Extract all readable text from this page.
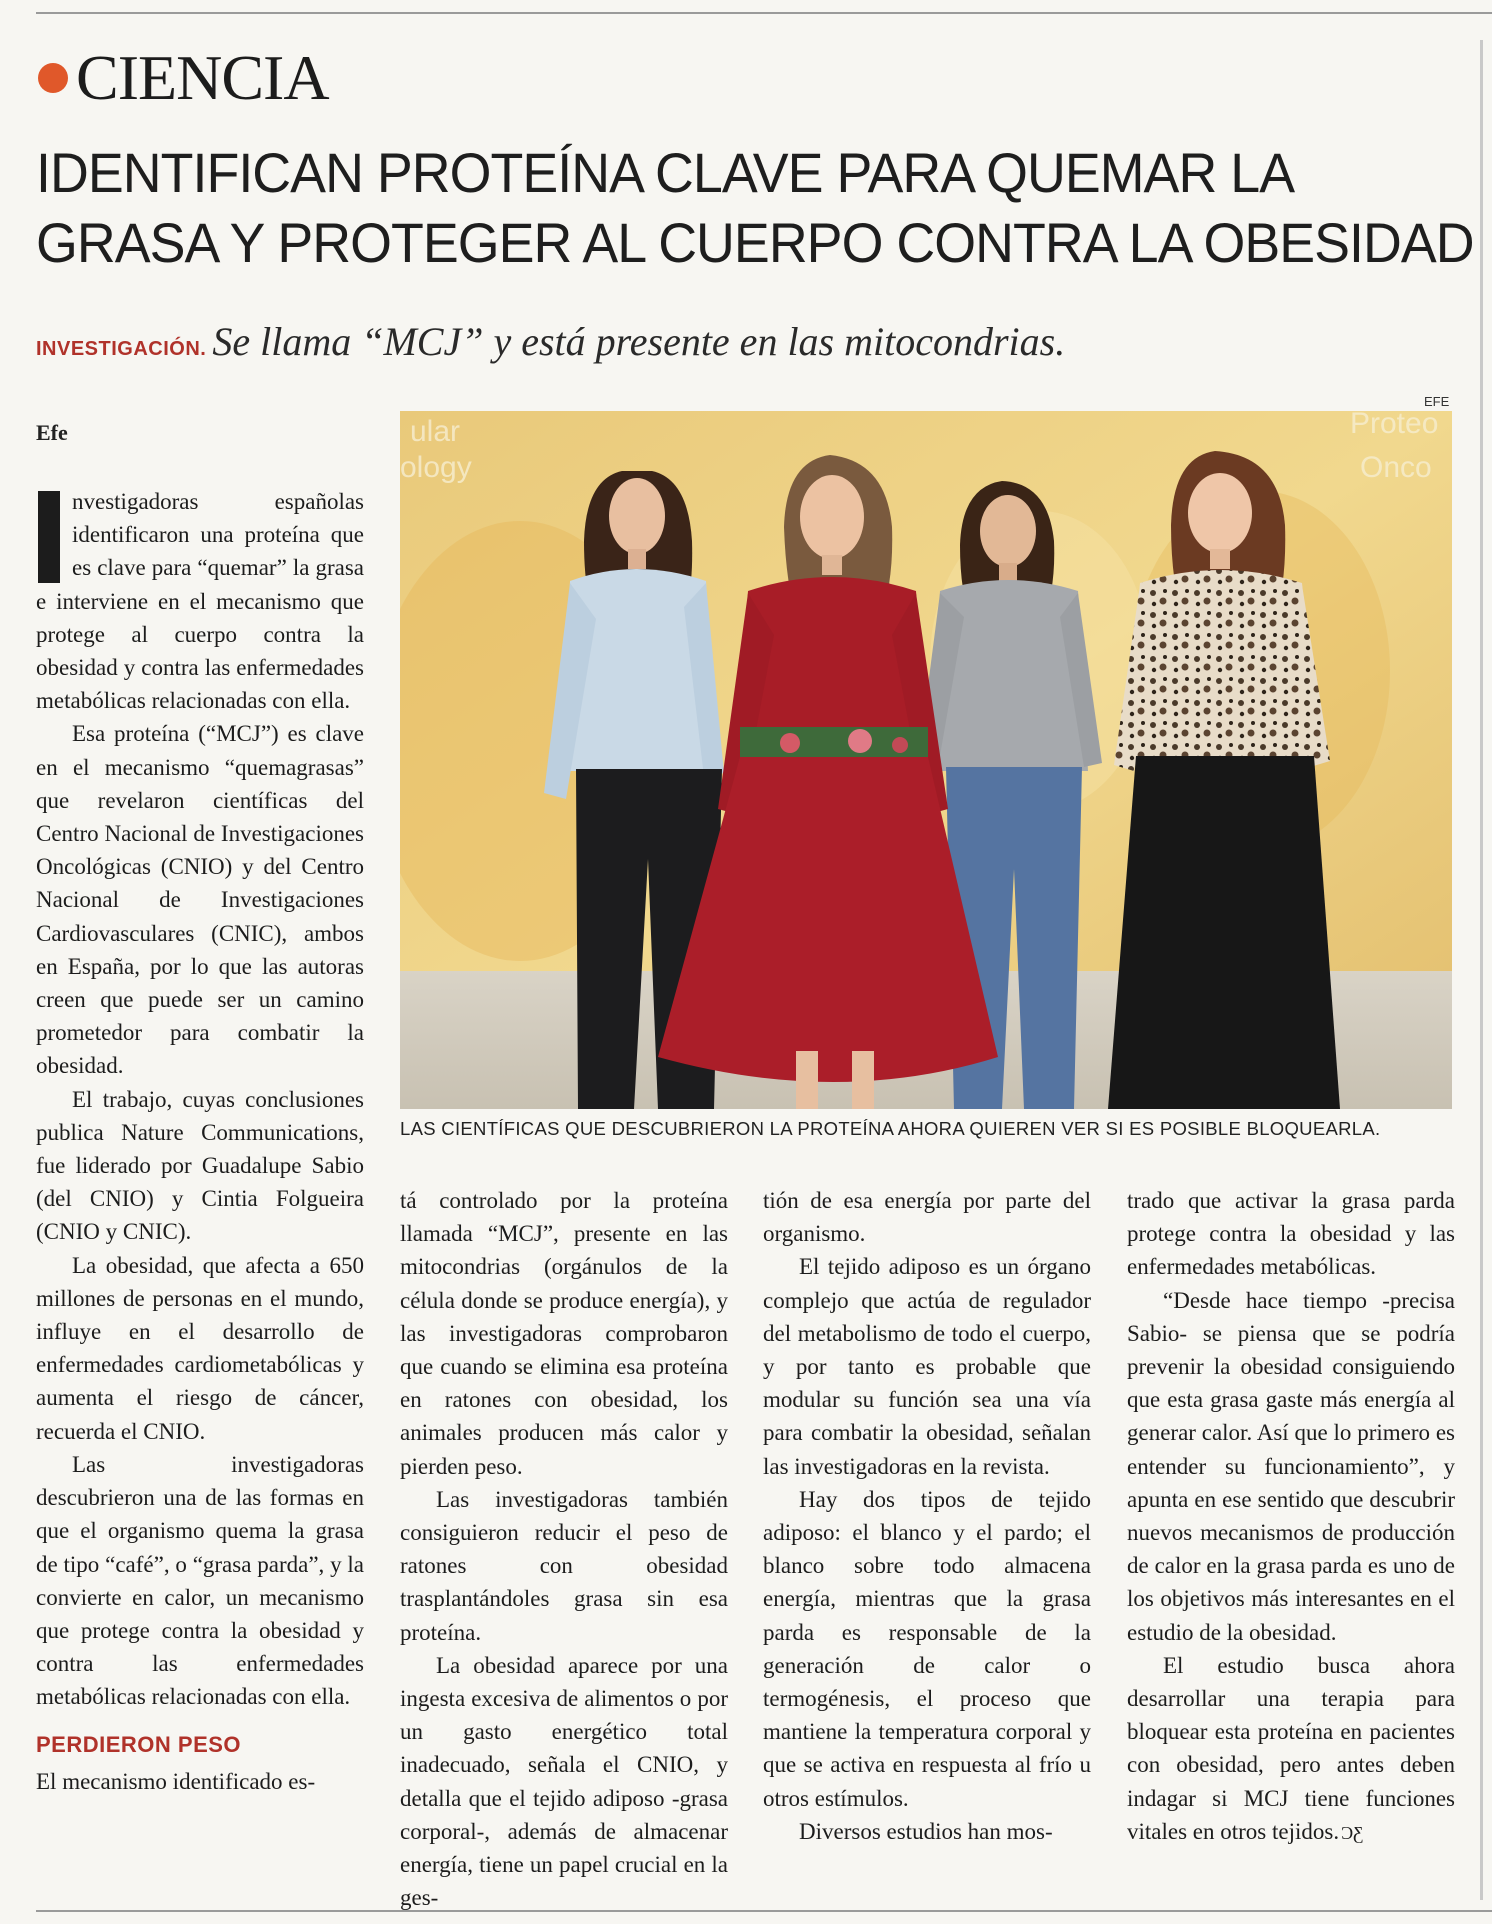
CIENCIA
IDENTIFICAN PROTEÍNA CLAVE PARA QUEMAR LA
GRASA Y PROTEGER AL CUERPO CONTRA LA OBESIDAD
INVESTIGACIÓN. Se llama “MCJ” y está presente en las mitocondrias.
Efe
EFE
ular
ology
Proteo
Onco
LAS CIENTÍFICAS QUE DESCUBRIERON LA PROTEÍNA AHORA QUIEREN VER SI ES POSIBLE BLOQUEARLA.

nvestigadoras españolas identificaron una proteína que es clave para “quemar” la grasa e interviene en el mecanismo que protege al cuerpo contra la obesidad y contra las enfermedades metabólicas relacionadas con ella.

Esa proteína (“MCJ”) es clave en el mecanismo “quemagrasas” que revelaron científicas del Centro Nacional de Investigaciones Oncológicas (CNIO) y del Centro Nacional de Investigaciones Cardiovasculares (CNIC), ambos en España, por lo que las autoras creen que puede ser un camino prometedor para combatir la obesidad.

El trabajo, cuyas conclusiones publica Nature Communications, fue liderado por Guadalupe Sabio (del CNIO) y Cintia Folgueira (CNIO y CNIC).

La obesidad, que afecta a 650 millones de personas en el mundo, influye en el desarrollo de enfermedades cardiometabólicas y aumenta el riesgo de cáncer, recuerda el CNIO.

Las investigadoras descubrieron una de las formas en que el organismo quema la grasa de tipo “café”, o “grasa parda”, y la convierte en calor, un mecanismo que protege contra la obesidad y contra las enfermedades metabólicas relacionadas con ella.

PERDIERON PESO

El mecanismo identificado es-

tá controlado por la proteína llamada “MCJ”, presente en las mitocondrias (orgánulos de la célula donde se produce energía), y las investigadoras comprobaron que cuando se elimina esa proteína en ratones con obesidad, los animales producen más calor y pierden peso.

Las investigadoras también consiguieron reducir el peso de ratones con obesidad trasplantándoles grasa sin esa proteína.

La obesidad aparece por una ingesta excesiva de alimentos o por un gasto energético total inadecuado, señala el CNIO, y detalla que el tejido adiposo -grasa corporal-, además de almacenar energía, tiene un papel crucial en la ges-

tión de esa energía por parte del organismo.

El tejido adiposo es un órgano complejo que actúa de regulador del metabolismo de todo el cuerpo, y por tanto es probable que modular su función sea una vía para combatir la obesidad, señalan las investigadoras en la revista.

Hay dos tipos de tejido adiposo: el blanco y el pardo; el blanco sobre todo almacena energía, mientras que la grasa parda es responsable de la generación de calor o termogénesis, el proceso que mantiene la temperatura corporal y que se activa en respuesta al frío u otros estímulos.

Diversos estudios han mos-

trado que activar la grasa parda protege contra la obesidad y las enfermedades metabólicas.

“Desde hace tiempo -precisa Sabio- se piensa que se podría prevenir la obesidad consiguiendo que esta grasa gaste más energía al generar calor. Así que lo primero es entender su funcionamiento”, y apunta en ese sentido que descubrir nuevos mecanismos de producción de calor en la grasa parda es uno de los objetivos más interesantes en el estudio de la obesidad.

El estudio busca ahora desarrollar una terapia para bloquear esta proteína en pacientes con obesidad, pero antes deben indagar si MCJ tiene funciones vitales en otros tejidos. ƆƸ
